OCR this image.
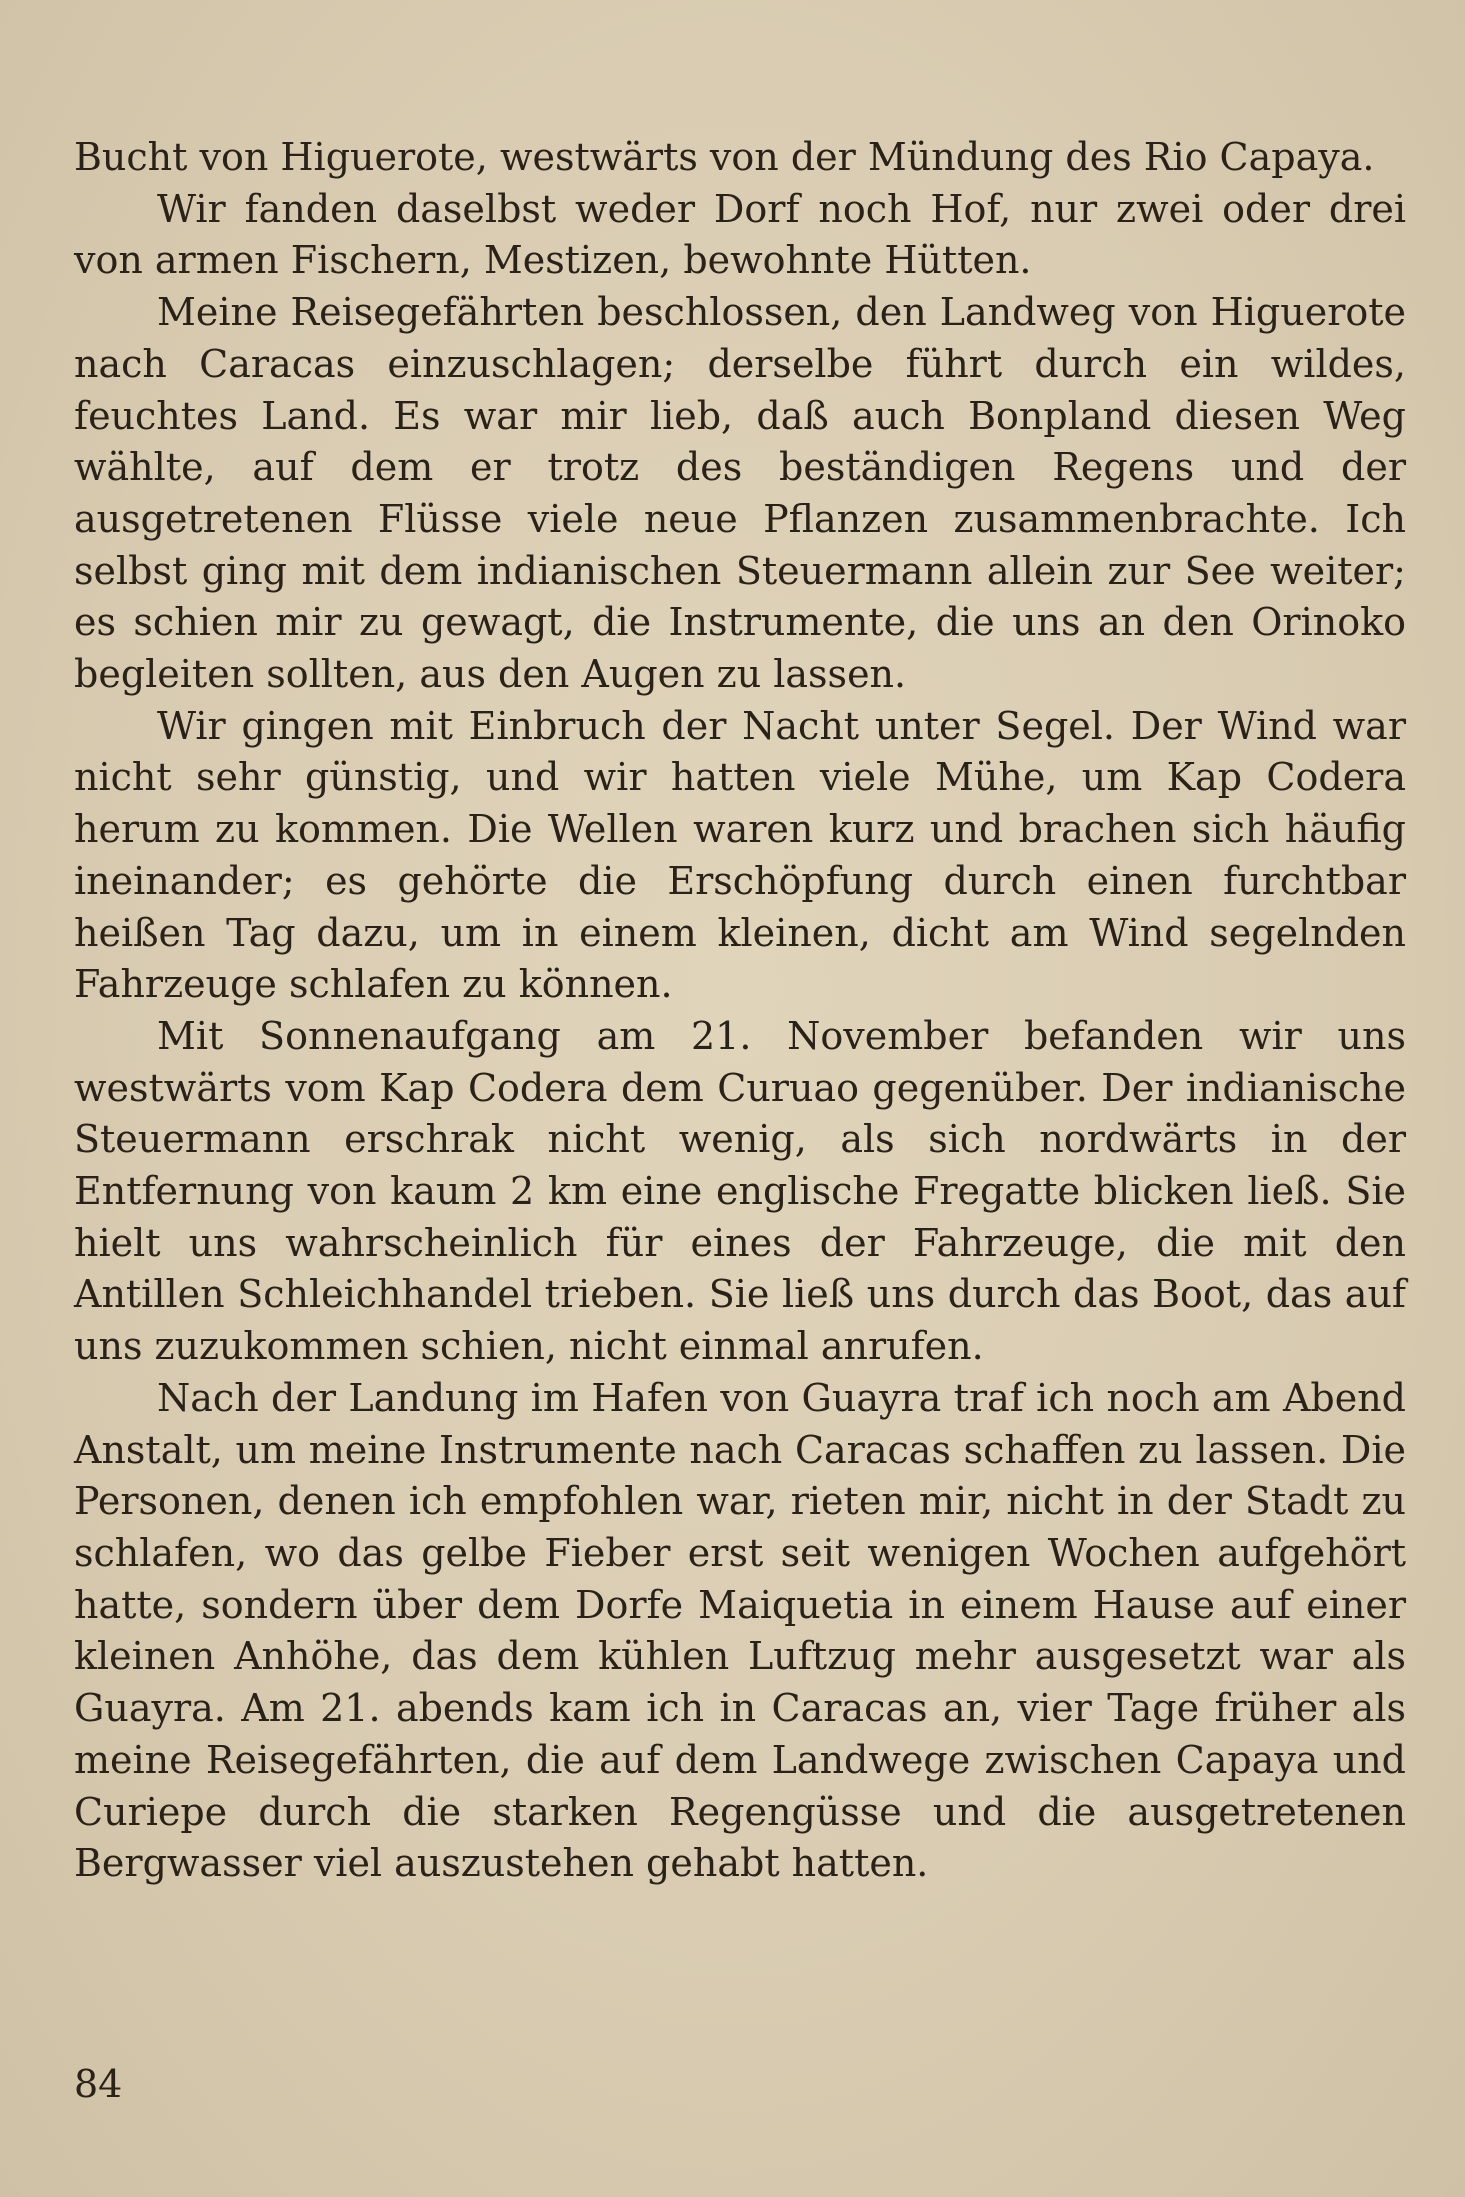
Bucht von Higuerote, westwärts von der Mündung des Rio Capaya.

Wir fanden daselbst weder Dorf noch Hof, nur zwei oder drei von armen Fischern, Mestizen, bewohnte Hütten.

Meine Reisegefährten beschlossen, den Landweg von Higuerote nach Caracas einzuschlagen; derselbe führt durch ein wildes, feuchtes Land. Es war mir lieb, daß auch Bonpland diesen Weg wählte, auf dem er trotz des beständigen Regens und der ausgetretenen Flüsse viele neue Pflanzen zusammenbrachte. Ich selbst ging mit dem indianischen Steuermann allein zur See weiter; es schien mir zu gewagt, die Instrumente, die uns an den Orinoko begleiten sollten, aus den Augen zu lassen.

Wir gingen mit Einbruch der Nacht unter Segel. Der Wind war nicht sehr günstig, und wir hatten viele Mühe, um Kap Codera herum zu kommen. Die Wellen waren kurz und brachen sich häufig ineinander; es gehörte die Erschöpfung durch einen furchtbar heißen Tag dazu, um in einem kleinen, dicht am Wind segelnden Fahrzeuge schlafen zu können.

Mit Sonnenaufgang am 21. November befanden wir uns westwärts vom Kap Codera dem Curuao gegenüber. Der indianische Steuermann erschrak nicht wenig, als sich nordwärts in der Entfernung von kaum 2 km eine englische Fregatte blicken ließ. Sie hielt uns wahrscheinlich für eines der Fahrzeuge, die mit den Antillen Schleichhandel trieben. Sie ließ uns durch das Boot, das auf uns zuzukommen schien, nicht einmal anrufen.

Nach der Landung im Hafen von Guayra traf ich noch am Abend Anstalt, um meine Instrumente nach Caracas schaffen zu lassen. Die Personen, denen ich empfohlen war, rieten mir, nicht in der Stadt zu schlafen, wo das gelbe Fieber erst seit wenigen Wochen aufgehört hatte, sondern über dem Dorfe Maiquetia in einem Hause auf einer kleinen Anhöhe, das dem kühlen Luftzug mehr ausgesetzt war als Guayra. Am 21. abends kam ich in Caracas an, vier Tage früher als meine Reisegefährten, die auf dem Landwege zwischen Capaya und Curiepe durch die starken Regengüsse und die ausgetretenen Bergwasser viel auszustehen gehabt hatten.

84
